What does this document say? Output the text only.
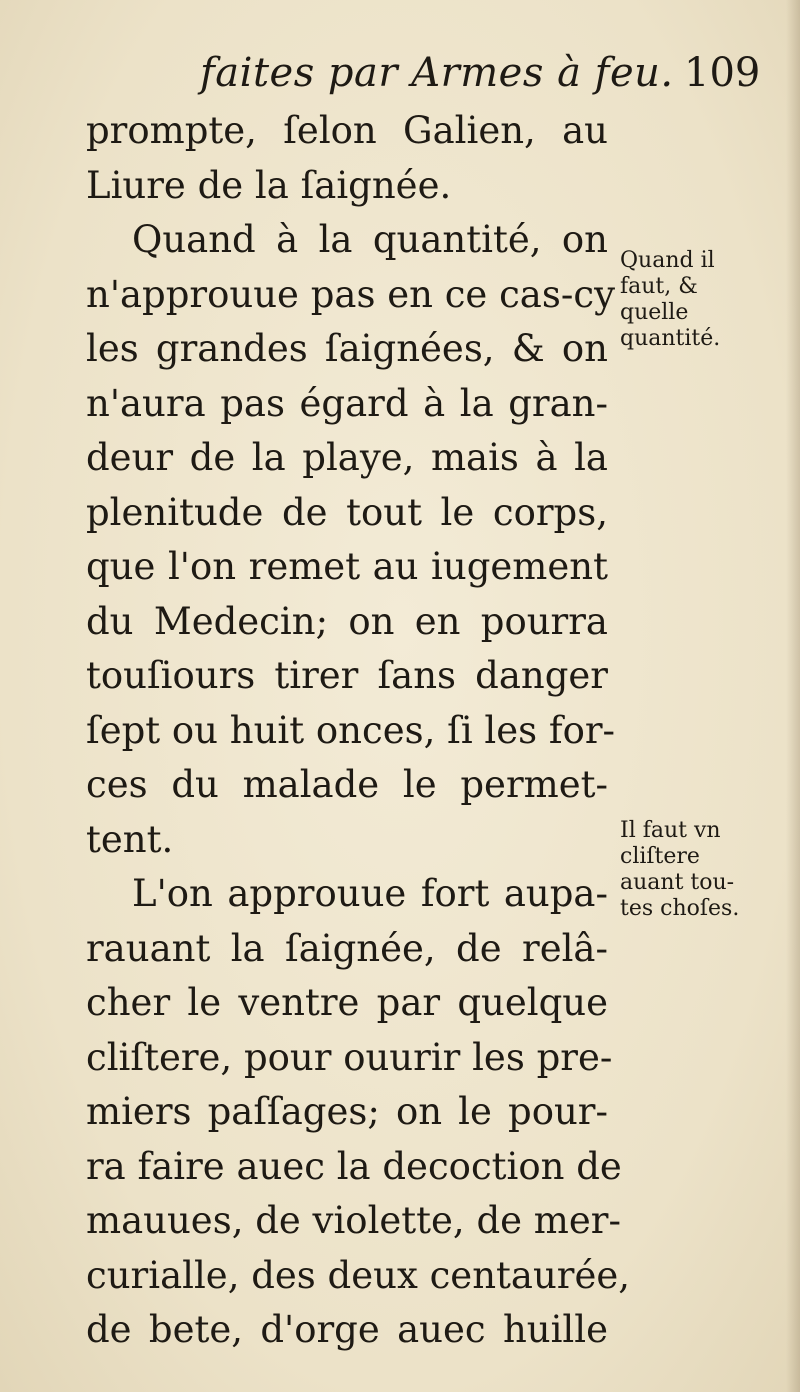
faites par Armes à feu. 109
prompte, ſelon Galien, au
Liure de la ſaignée.
Quand à la quantité, on
n'approuue pas en ce cas-cy
les grandes ſaignées, & on
n'aura pas égard à la gran-
deur de la playe, mais à la
plenitude de tout le corps,
que l'on remet au iugement
du Medecin; on en pourra
touſiours tirer ſans danger
ſept ou huit onces, ſi les for-
ces du malade le permet-
tent.
L'on approuue fort aupa-
rauant la ſaignée, de relâ-
cher le ventre par quelque
cliſtere, pour ouurir les pre-
miers paſſages; on le pour-
ra faire auec la decoction de
mauues, de violette, de mer-
curialle, des deux centaurée,
de bete, d'orge auec huille
Quand il
faut, &
quelle
quantité.
Il faut vn
cliſtere
auant tou-
tes choſes.
